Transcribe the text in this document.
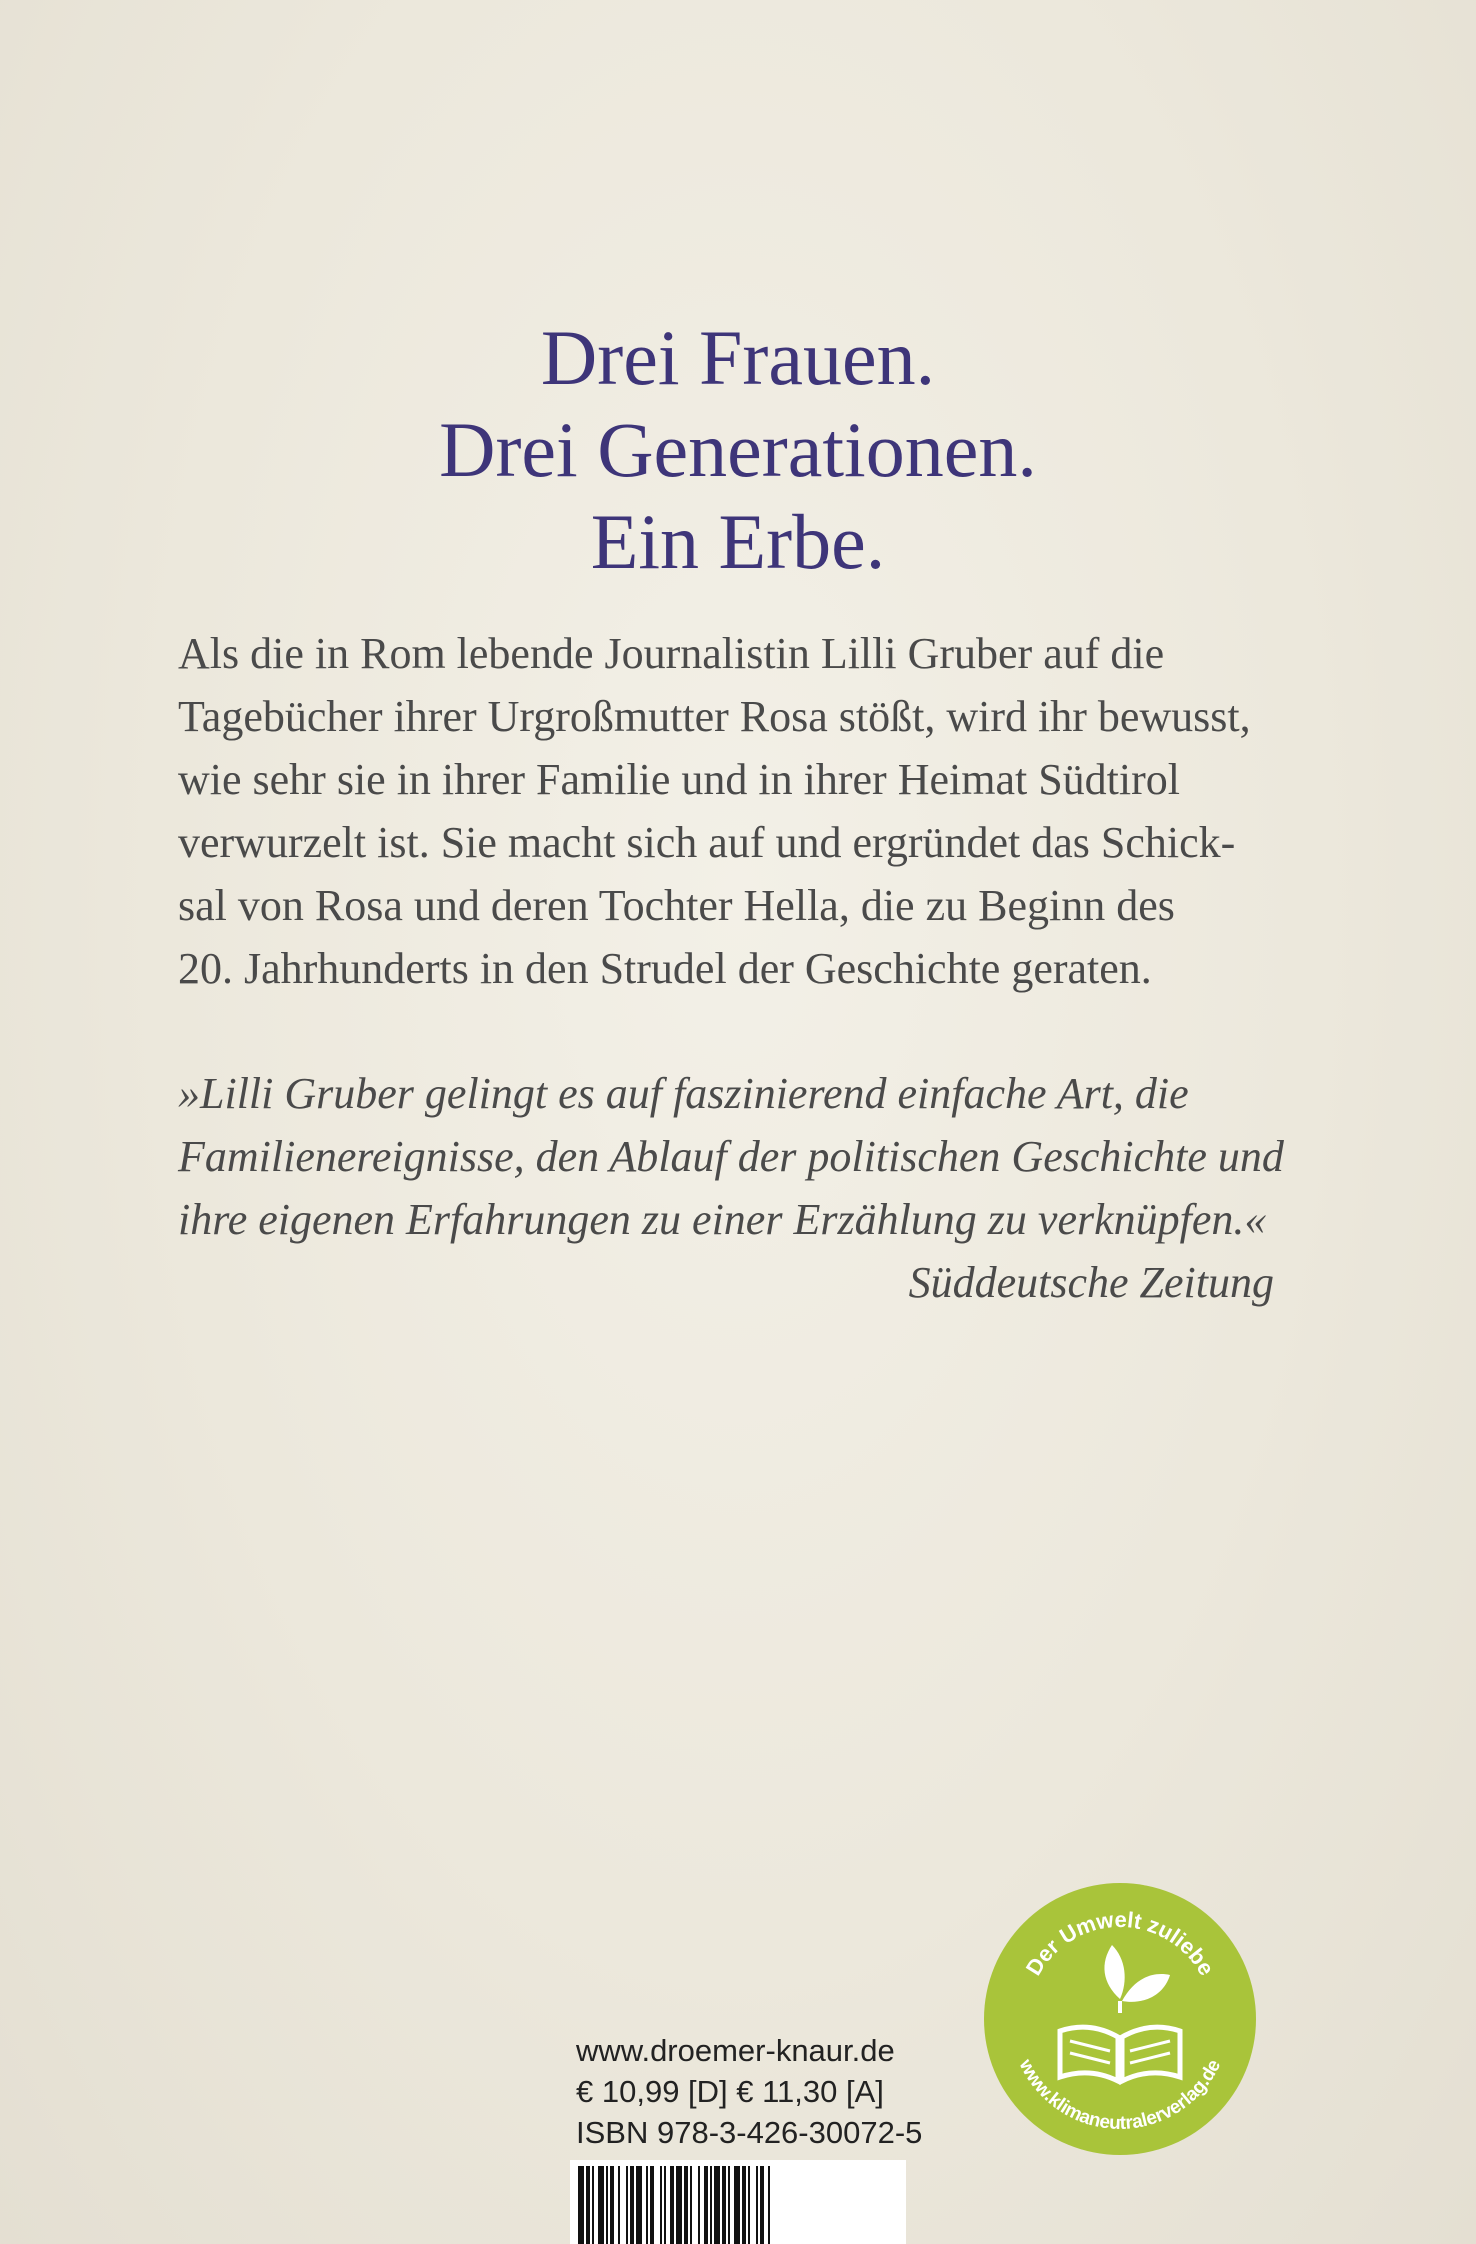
Drei Frauen.
Drei Generationen.
Ein Erbe.
Als die in Rom lebende Journalistin Lilli Gruber auf die
Tagebücher ihrer Urgroßmutter Rosa stößt, wird ihr bewusst,
wie sehr sie in ihrer Familie und in ihrer Heimat Südtirol
verwurzelt ist. Sie macht sich auf und ergründet das Schick-
sal von Rosa und deren Tochter Hella, die zu Beginn des
20. Jahrhunderts in den Strudel der Geschichte geraten.
»Lilli Gruber gelingt es auf faszinierend einfache Art, die
Familienereignisse, den Ablauf der politischen Geschichte und
ihre eigenen Erfahrungen zu einer Erzählung zu verknüpfen.«
Süddeutsche Zeitung
Der Umwelt zuliebe
www.klimaneutralerverlag.de
www.droemer-knaur.de
€ 10,99 [D] € 11,30 [A]
ISBN 978-3-426-30072-5
